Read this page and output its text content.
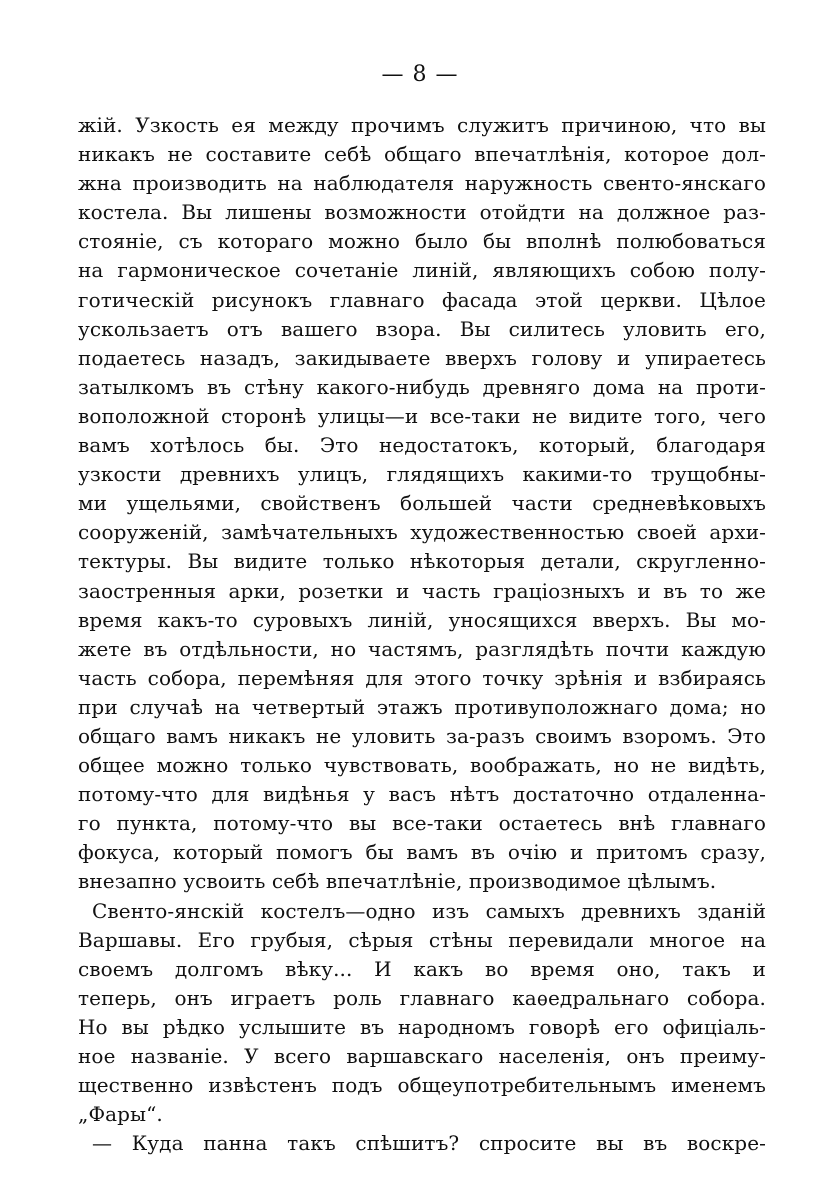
— 8 —
жій. Узкость ея между прочимъ служитъ причиною, что вы
никакъ не составите себѣ общаго впечатлѣнія, которое дол-
жна производить на наблюдателя наружность свенто-янскаго
костела. Вы лишены возможности отойдти на должное раз-
стояніе, съ котораго можно было бы вполнѣ полюбоваться
на гармоническое сочетаніе линій, являющихъ собою полу-
готическій рисунокъ главнаго фасада этой церкви. Цѣлое
ускользаетъ отъ вашего взора. Вы силитесь уловить его,
подаетесь назадъ, закидываете вверхъ голову и упираетесь
затылкомъ въ стѣну какого-нибудь древняго дома на проти-
воположной сторонѣ улицы—и все-таки не видите того, чего
вамъ хотѣлось бы. Это недостатокъ, который, благодаря
узкости древнихъ улицъ, глядящихъ какими-то трущобны-
ми ущельями, свойственъ большей части средневѣковыхъ
сооруженій, замѣчательныхъ художественностью своей архи-
тектуры. Вы видите только нѣкоторыя детали, скругленно-
заостренныя арки, розетки и часть граціозныхъ и въ то же
время какъ-то суровыхъ линій, уносящихся вверхъ. Вы мо-
жете въ отдѣльности, но частямъ, разглядѣть почти каждую
часть собора, перемѣняя для этого точку зрѣнія и взбираясь
при случаѣ на четвертый этажъ противуположнаго дома; но
общаго вамъ никакъ не уловить за-разъ своимъ взоромъ. Это
общее можно только чувствовать, воображать, но не видѣть,
потому-что для видѣнья у васъ нѣтъ достаточно отдаленна-
го пункта, потому-что вы все-таки остаетесь внѣ главнаго
фокуса, который помогъ бы вамъ въ очію и притомъ сразу,
внезапно усвоить себѣ впечатлѣніе, производимое цѣлымъ.
Свенто-янскій костелъ—одно изъ самыхъ древнихъ зданій
Варшавы. Его грубыя, сѣрыя стѣны перевидали многое на
своемъ долгомъ вѣку... И какъ во время оно, такъ и
теперь, онъ играетъ роль главнаго каѳедральнаго собора.
Но вы рѣдко услышите въ народномъ говорѣ его офиціаль-
ное названіе. У всего варшавскаго населенія, онъ преиму-
щественно извѣстенъ подъ общеупотребительнымъ именемъ
„Фары“.
— Куда панна такъ спѣшитъ? спросите вы въ воскре-
